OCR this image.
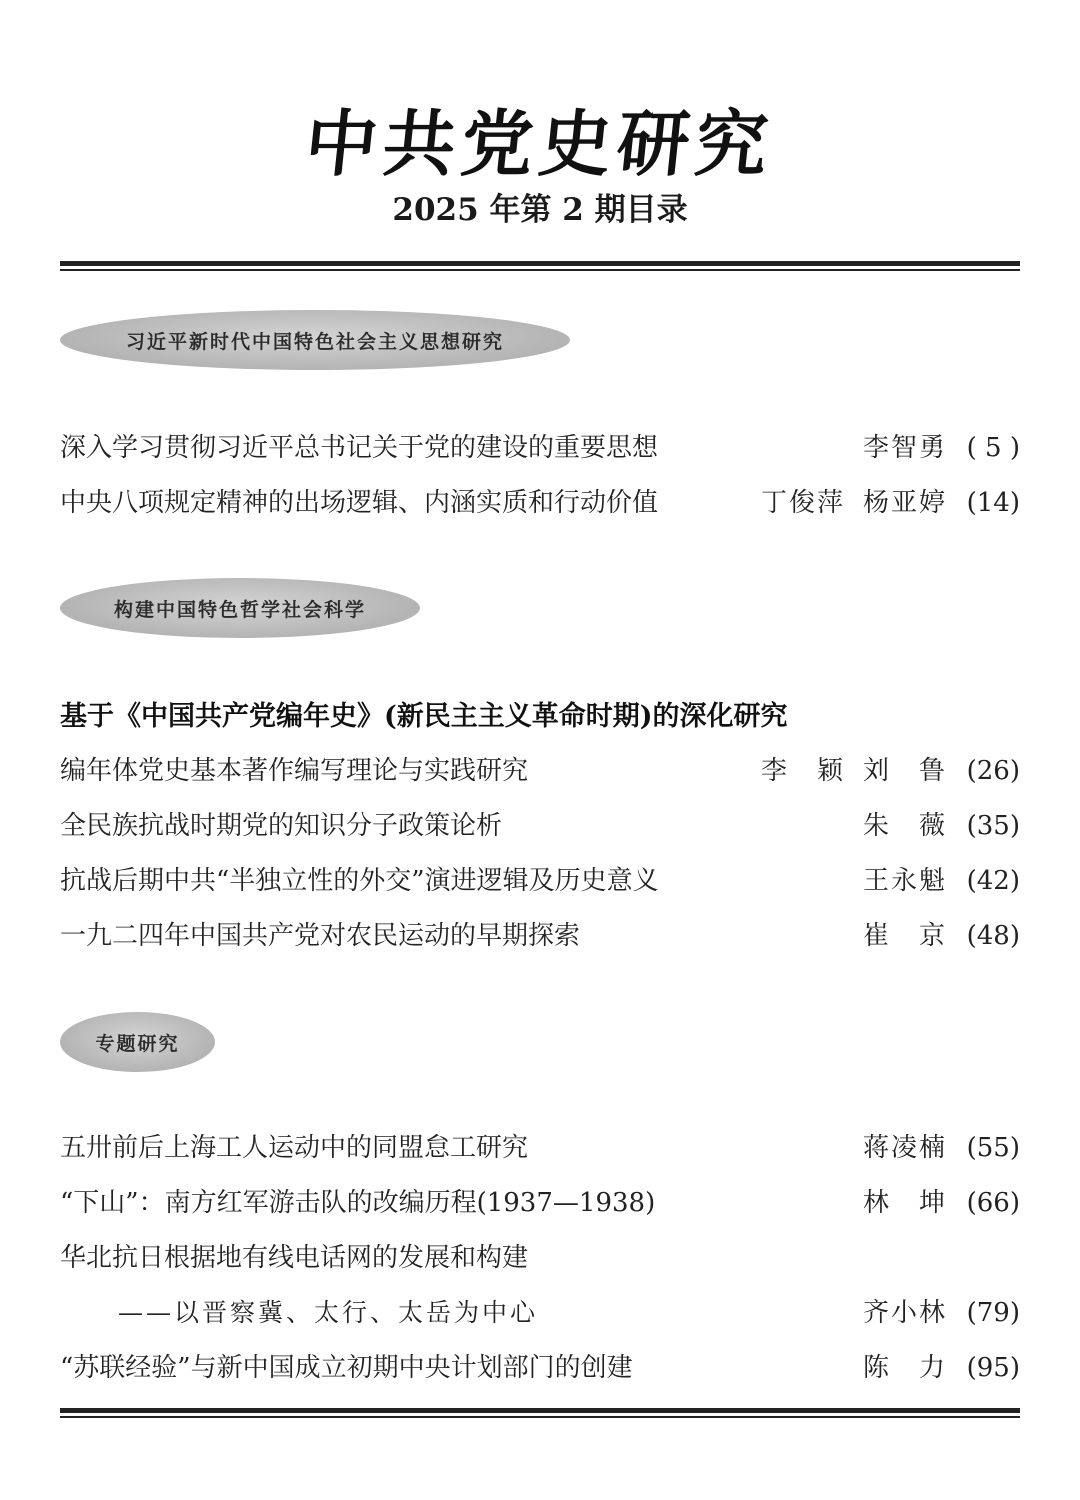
中共党史研究
2025 年第 2 期目录
习近平新时代中国特色社会主义思想研究
深入学习贯彻习近平总书记关于党的建设的重要思想	李智勇 ( 5 )
中央八项规定精神的出场逻辑、内涵实质和行动价值	丁俊萍 杨亚婷 (14)
构建中国特色哲学社会科学
基于《中国共产党编年史》(新民主主义革命时期)的深化研究
编年体党史基本著作编写理论与实践研究	李　颖 刘　鲁 (26)
全民族抗战时期党的知识分子政策论析	朱　薇 (35)
抗战后期中共“半独立性的外交”演进逻辑及历史意义	王永魁 (42)
一九二四年中国共产党对农民运动的早期探索	崔　京 (48)
专题研究
五卅前后上海工人运动中的同盟怠工研究	蒋凌楠 (55)
“下山”：南方红军游击队的改编历程(1937—1938)	林　坤 (66)
华北抗日根据地有线电话网的发展和构建
——以晋察冀、太行、太岳为中心	齐小林 (79)
“苏联经验”与新中国成立初期中央计划部门的创建	陈　力 (95)
